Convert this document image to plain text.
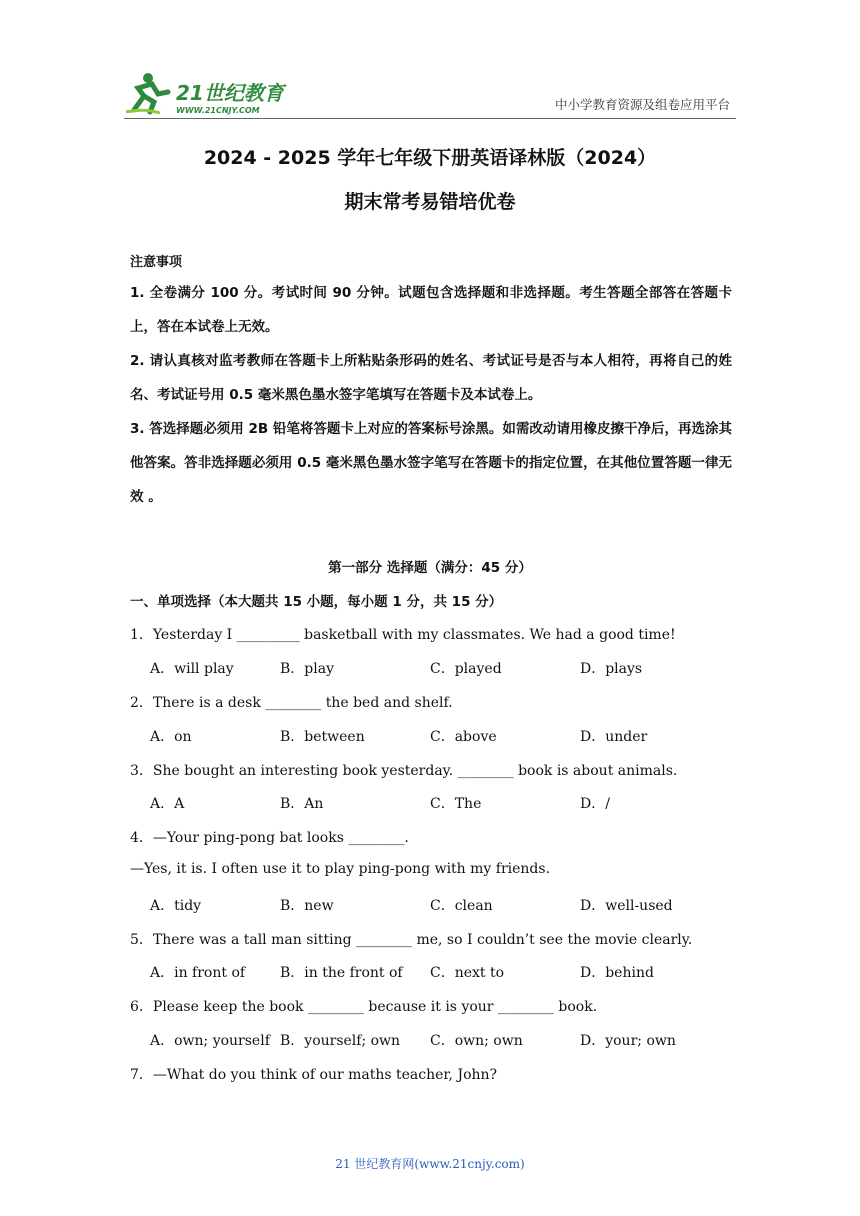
21世纪教育
WWW.21CNJY.COM	中小学教育资源及组卷应用平台
2024 - 2025 学年七年级下册英语译林版（2024）
期末常考易错培优卷
注意事项
1. 全卷满分 100 分。考试时间 90 分钟。试题包含选择题和非选择题。考生答题全部答在答题卡上，答在本试卷上无效。
2. 请认真核对监考教师在答题卡上所粘贴条形码的姓名、考试证号是否与本人相符，再将自己的姓名、考试证号用 0.5 毫米黑色墨水签字笔填写在答题卡及本试卷上。
3. 答选择题必须用 2B 铅笔将答题卡上对应的答案标号涂黑。如需改动请用橡皮擦干净后，再选涂其他答案。答非选择题必须用 0.5 毫米黑色墨水签字笔写在答题卡的指定位置，在其他位置答题一律无效 。
第一部分 选择题（满分：45 分）
一、单项选择（本大题共 15 小题，每小题 1 分，共 15 分）
1．Yesterday I _________ basketball with my classmates. We had a good time!
A．will play	B．play	C．played	D．plays
2．There is a desk ________ the bed and shelf.
A．on	B．between	C．above	D．under
3．She bought an interesting book yesterday. ________ book is about animals.
A．A	B．An	C．The	D．/
4．—Your ping-pong bat looks ________.
—Yes, it is. I often use it to play ping-pong with my friends.
A．tidy	B．new	C．clean	D．well-used
5．There was a tall man sitting ________ me, so I couldn’t see the movie clearly.
A．in front of B．in the front of C．next to	D．behind
6．Please keep the book ________ because it is your ________ book.
A．own; yourself B．yourself; own C．own; own	D．your; own
7．—What do you think of our maths teacher, John?
21 世纪教育网(www.21cnjy.com)
